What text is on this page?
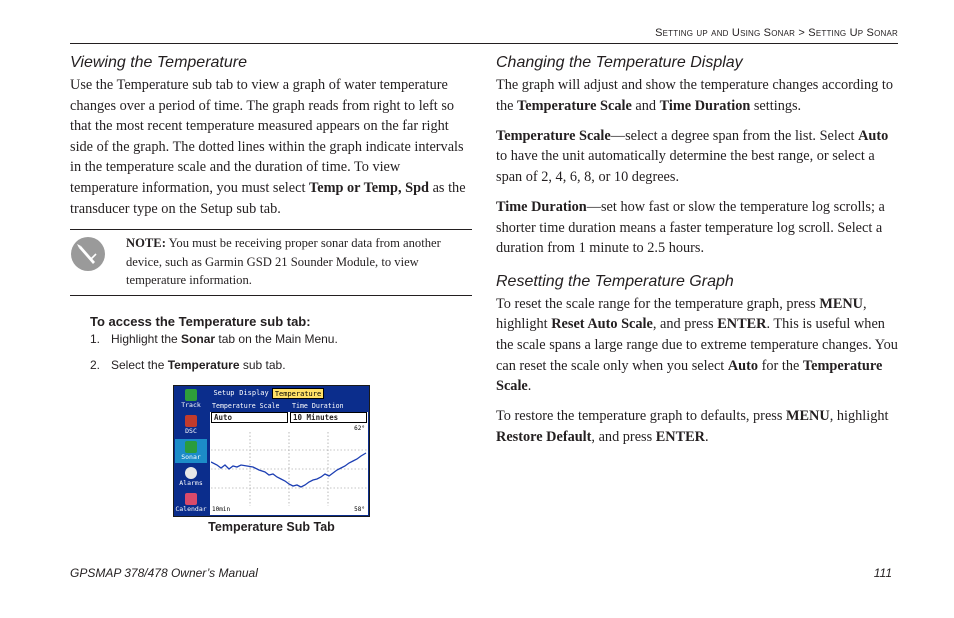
Setting up and Using Sonar > Setting Up Sonar
Viewing the Temperature

Use the Temperature sub tab to view a graph of water temperature changes over a period of time. The graph reads from right to left so that the most recent temperature measured appears on the far right side of the graph. The dotted lines within the graph indicate intervals in the temperature scale and the duration of time. To view temperature information, you must select Temp or Temp, Spd as the transducer type on the Setup sub tab.

NOTE: You must be receiving proper sonar data from another device, such as Garmin GSD 21 Sounder Module, to view temperature information.

To access the Temperature sub tab:
1. Highlight the Sonar tab on the Main Menu.
2. Select the Temperature sub tab.
Track
DSC
Sonar
Alarms
Calendar
Setup Display Temperature
Temperature Scale	Time Duration
Auto	10 Minutes
62°
10min	58°
Temperature Sub Tab
Changing the Temperature Display

The graph will adjust and show the temperature changes according to the Temperature Scale and Time Duration settings.

Temperature Scale—select a degree span from the list. Select Auto to have the unit automatically determine the best range, or select a span of 2, 4, 6, 8, or 10 degrees.

Time Duration—set how fast or slow the temperature log scrolls; a shorter time duration means a faster temperature log scroll. Select a duration from 1 minute to 2.5 hours.

Resetting the Temperature Graph

To reset the scale range for the temperature graph, press MENU, highlight Reset Auto Scale, and press ENTER. This is useful when the scale spans a large range due to extreme temperature changes. You can reset the scale only when you select Auto for the Temperature Scale.

To restore the temperature graph to defaults, press MENU, highlight Restore Default, and press ENTER.

GPSMAP 378/478 Owner’s Manual	111
